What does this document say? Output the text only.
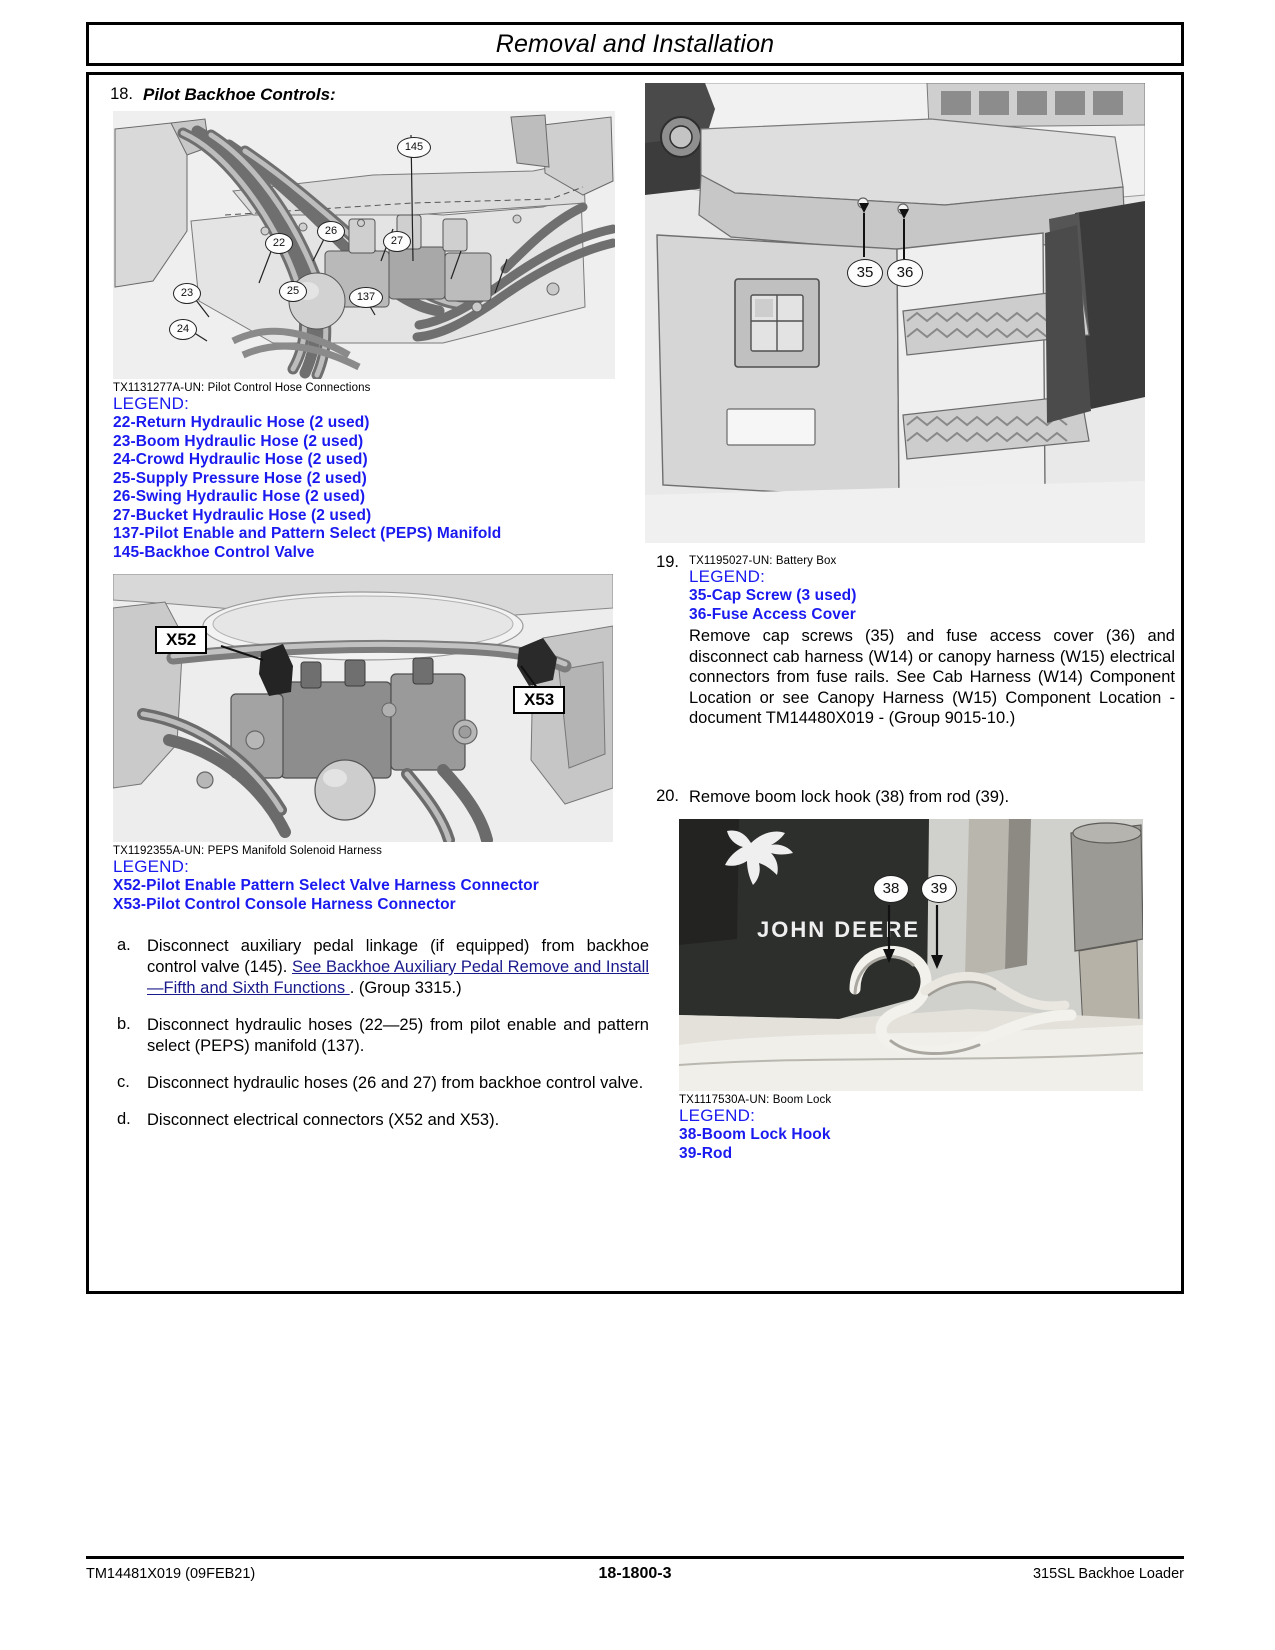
Removal and Installation
18. Pilot Backhoe Controls:
22
23
24
25
26
27
137
145
TX1131277A-UN: Pilot Control Hose Connections
LEGEND:
22-Return Hydraulic Hose (2 used)
23-Boom Hydraulic Hose (2 used)
24-Crowd Hydraulic Hose (2 used)
25-Supply Pressure Hose (2 used)
26-Swing Hydraulic Hose (2 used)
27-Bucket Hydraulic Hose (2 used)
137-Pilot Enable and Pattern Select (PEPS) Manifold
145-Backhoe Control Valve
X52
X53
TX1192355A-UN: PEPS Manifold Solenoid Harness
LEGEND:
X52-Pilot Enable Pattern Select Valve Harness Connector
X53-Pilot Control Console Harness Connector
a. Disconnect auxiliary pedal linkage (if equipped) from backhoe control valve (145). See Backhoe Auxiliary Pedal Remove and Install—Fifth and Sixth Functions . (Group 3315.)
b. Disconnect hydraulic hoses (22—25) from pilot enable and pattern select (PEPS) manifold (137).
c.	Disconnect hydraulic hoses (26 and 27) from backhoe control valve.
d. Disconnect electrical connectors (X52 and X53).
35	36
19. TX1195027-UN: Battery Box
LEGEND:
35-Cap Screw (3 used)
36-Fuse Access Cover
Remove cap screws (35) and fuse access cover (36) and disconnect cab harness (W14) or canopy harness (W15) electrical connectors from fuse rails. See Cab Harness (W14) Component Location or see Canopy Harness (W15) Component Location - document TM14480X019 - (Group 9015-10.)
20. Remove boom lock hook (38) from rod (39).
JOHN DEERE
38	39
TX1117530A-UN: Boom Lock
LEGEND:
38-Boom Lock Hook
39-Rod
TM14481X019 (09FEB21)	18-1800-3	315SL Backhoe Loader
